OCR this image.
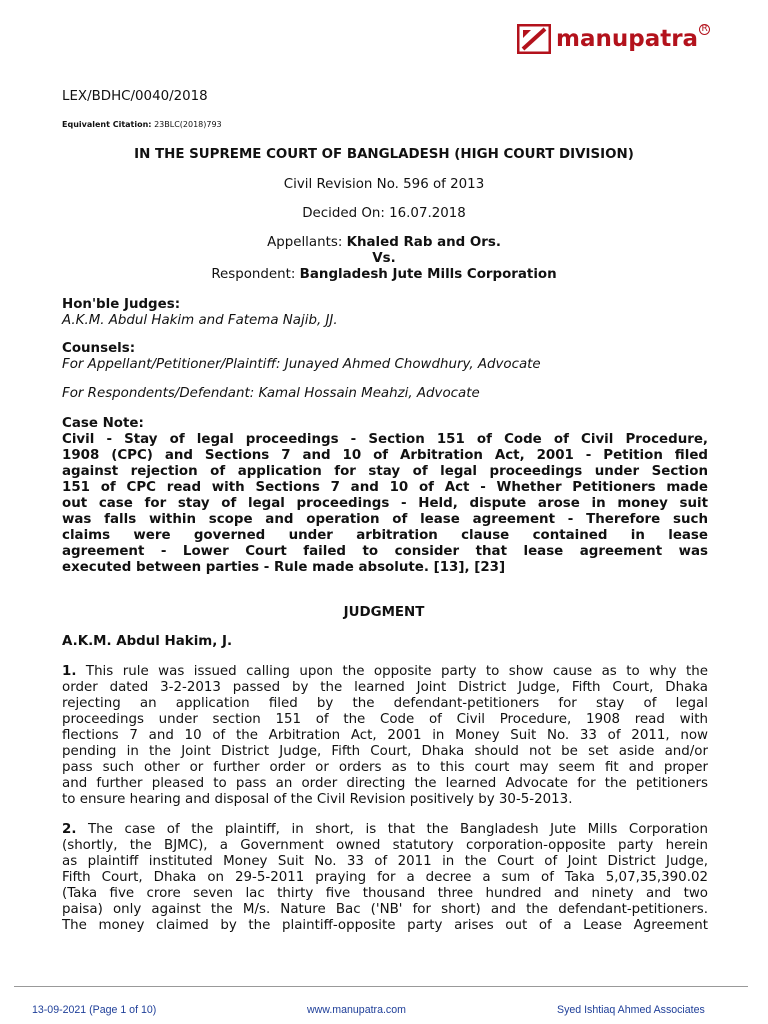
manupatra R
LEX/BDHC/0040/2018
Equivalent Citation: 23BLC(2018)793
IN THE SUPREME COURT OF BANGLADESH (HIGH COURT DIVISION)
Civil Revision No. 596 of 2013
Decided On: 16.07.2018
Appellants: Khaled Rab and Ors.
Vs.
Respondent: Bangladesh Jute Mills Corporation
Hon'ble Judges:
A.K.M. Abdul Hakim and Fatema Najib, JJ.
Counsels:
For Appellant/Petitioner/Plaintiff: Junayed Ahmed Chowdhury, Advocate
For Respondents/Defendant: Kamal Hossain Meahzi, Advocate
Case Note:

Civil - Stay of legal proceedings - Section 151 of Code of Civil Procedure,

1908 (CPC) and Sections 7 and 10 of Arbitration Act, 2001 - Petition filed

against rejection of application for stay of legal proceedings under Section

151 of CPC read with Sections 7 and 10 of Act - Whether Petitioners made

out case for stay of legal proceedings - Held, dispute arose in money suit

was falls within scope and operation of lease agreement - Therefore such

claims were governed under arbitration clause contained in lease

agreement - Lower Court failed to consider that lease agreement was

executed between parties - Rule made absolute. [13], [23]

JUDGMENT
A.K.M. Abdul Hakim, J.

1. This rule was issued calling upon the opposite party to show cause as to why the

order dated 3-2-2013 passed by the learned Joint District Judge, Fifth Court, Dhaka

rejecting an application filed by the defendant-petitioners for stay of legal

proceedings under section 151 of the Code of Civil Procedure, 1908 read with

flections 7 and 10 of the Arbitration Act, 2001 in Money Suit No. 33 of 2011, now

pending in the Joint District Judge, Fifth Court, Dhaka should not be set aside and/or

pass such other or further order or orders as to this court may seem fit and proper

and further pleased to pass an order directing the learned Advocate for the petitioners

to ensure hearing and disposal of the Civil Revision positively by 30-5-2013.

2. The case of the plaintiff, in short, is that the Bangladesh Jute Mills Corporation

(shortly, the BJMC), a Government owned statutory corporation-opposite party herein

as plaintiff instituted Money Suit No. 33 of 2011 in the Court of Joint District Judge,

Fifth Court, Dhaka on 29-5-2011 praying for a decree a sum of Taka 5,07,35,390.02

(Taka five crore seven lac thirty five thousand three hundred and ninety and two

paisa) only against the M/s. Nature Bac ('NB' for short) and the defendant-petitioners.

The money claimed by the plaintiff-opposite party arises out of a Lease Agreement

13-09-2021 (Page 1 of 10)	www.manupatra.com	Syed Ishtiaq Ahmed Associates
